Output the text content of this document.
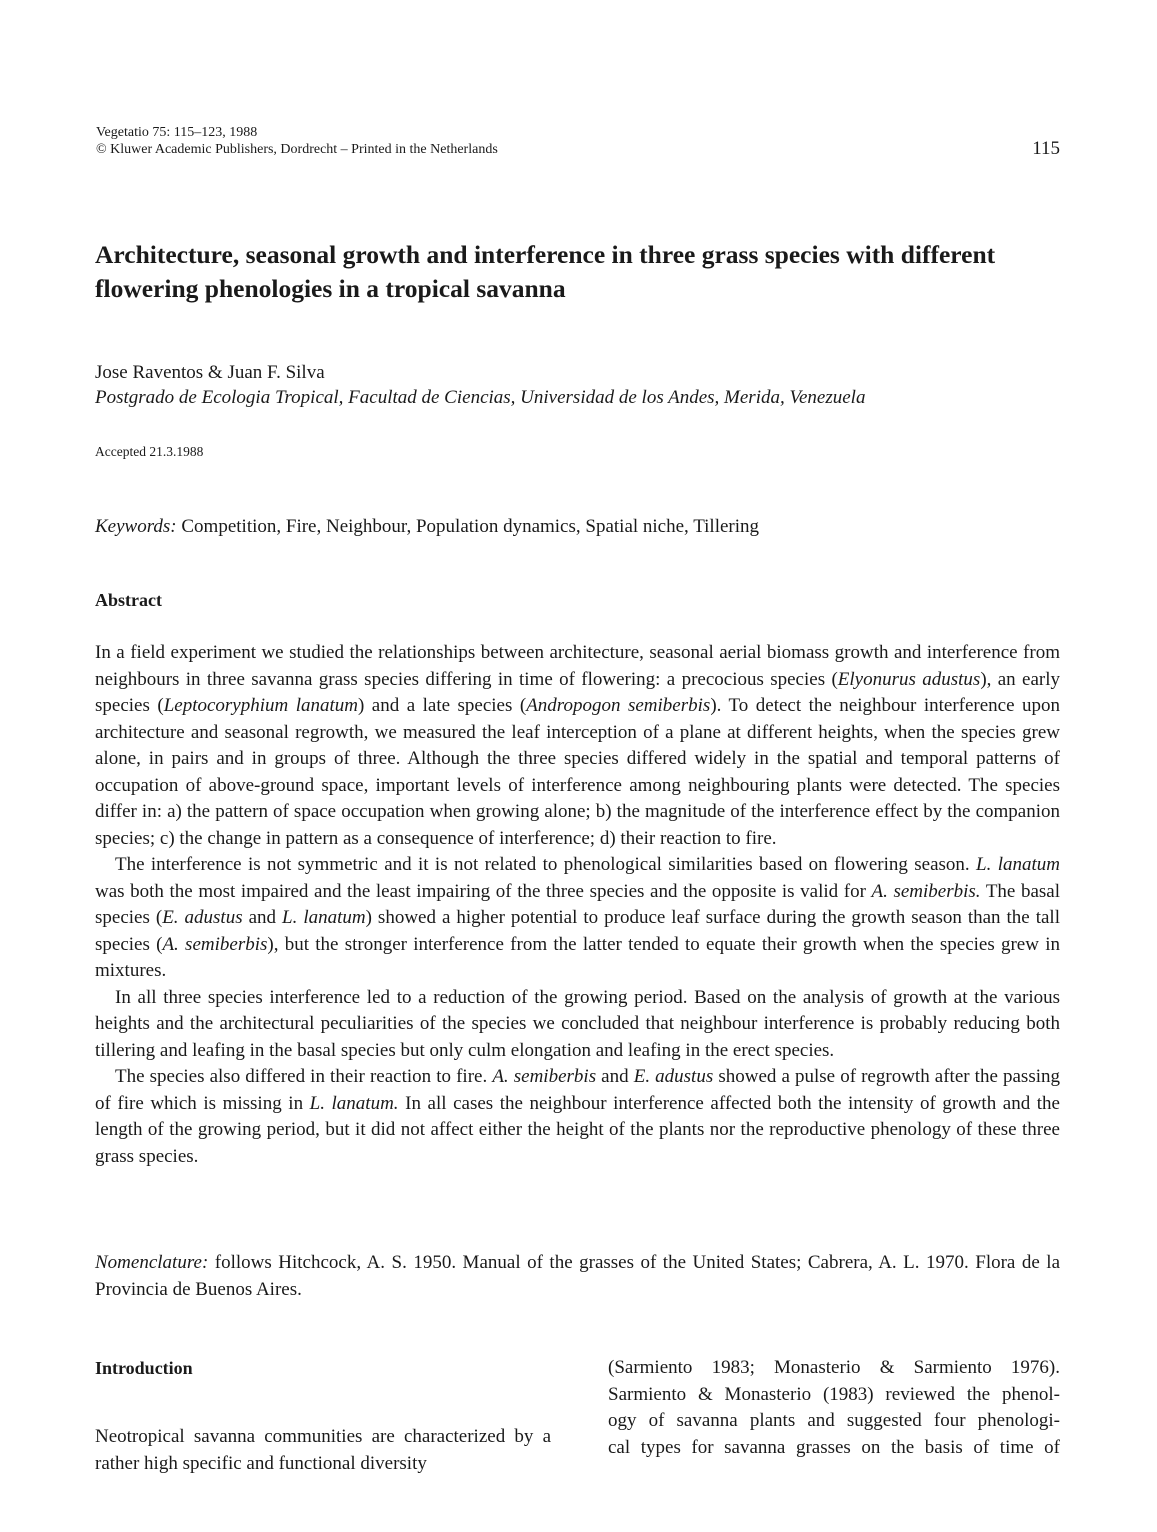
Vegetatio 75: 115–123, 1988
© Kluwer Academic Publishers, Dordrecht – Printed in the Netherlands	115
Architecture, seasonal growth and interference in three grass species with different flowering phenologies in a tropical savanna
Jose Raventos & Juan F. Silva
Postgrado de Ecologia Tropical, Facultad de Ciencias, Universidad de los Andes, Merida, Venezuela
Accepted 21.3.1988
Keywords: Competition, Fire, Neighbour, Population dynamics, Spatial niche, Tillering
Abstract

In a field experiment we studied the relationships between architecture, seasonal aerial biomass growth and interference from neighbours in three savanna grass species differing in time of flowering: a precocious species (Elyonurus adustus), an early species (Leptocoryphium lanatum) and a late species (Andropogon semiberbis). To detect the neighbour interference upon architecture and seasonal regrowth, we measured the leaf interception of a plane at different heights, when the species grew alone, in pairs and in groups of three. Although the three species differed widely in the spatial and temporal patterns of occupation of above-ground space, important levels of interference among neighbouring plants were detected. The species differ in: a) the pattern of space occupation when growing alone; b) the magnitude of the interference effect by the companion species; c) the change in pattern as a consequence of interference; d) their reaction to fire.

The interference is not symmetric and it is not related to phenological similarities based on flowering season. L. lanatum was both the most impaired and the least impairing of the three species and the opposite is valid for A. semiberbis. The basal species (E. adustus and L. lanatum) showed a higher potential to produce leaf surface during the growth season than the tall species (A. semiberbis), but the stronger interference from the latter tended to equate their growth when the species grew in mixtures.

In all three species interference led to a reduction of the growing period. Based on the analysis of growth at the various heights and the architectural peculiarities of the species we concluded that neighbour interference is probably reducing both tillering and leafing in the basal species but only culm elongation and leafing in the erect species.

The species also differed in their reaction to fire. A. semiberbis and E. adustus showed a pulse of regrowth after the passing of fire which is missing in L. lanatum. In all cases the neighbour interference affected both the intensity of growth and the length of the growing period, but it did not affect either the height of the plants nor the reproductive phenology of these three grass species.

Nomenclature: follows Hitchcock, A. S. 1950. Manual of the grasses of the United States; Cabrera, A. L. 1970. Flora de la Provincia de Buenos Aires.
Introduction
Neotropical savanna communities are characterized by a rather high specific and functional diversity
(Sarmiento 1983; Monasterio & Sarmiento 1976).
Sarmiento & Monasterio (1983) reviewed the phenol-
ogy of savanna plants and suggested four phenologi-
cal types for savanna grasses on the basis of time of
